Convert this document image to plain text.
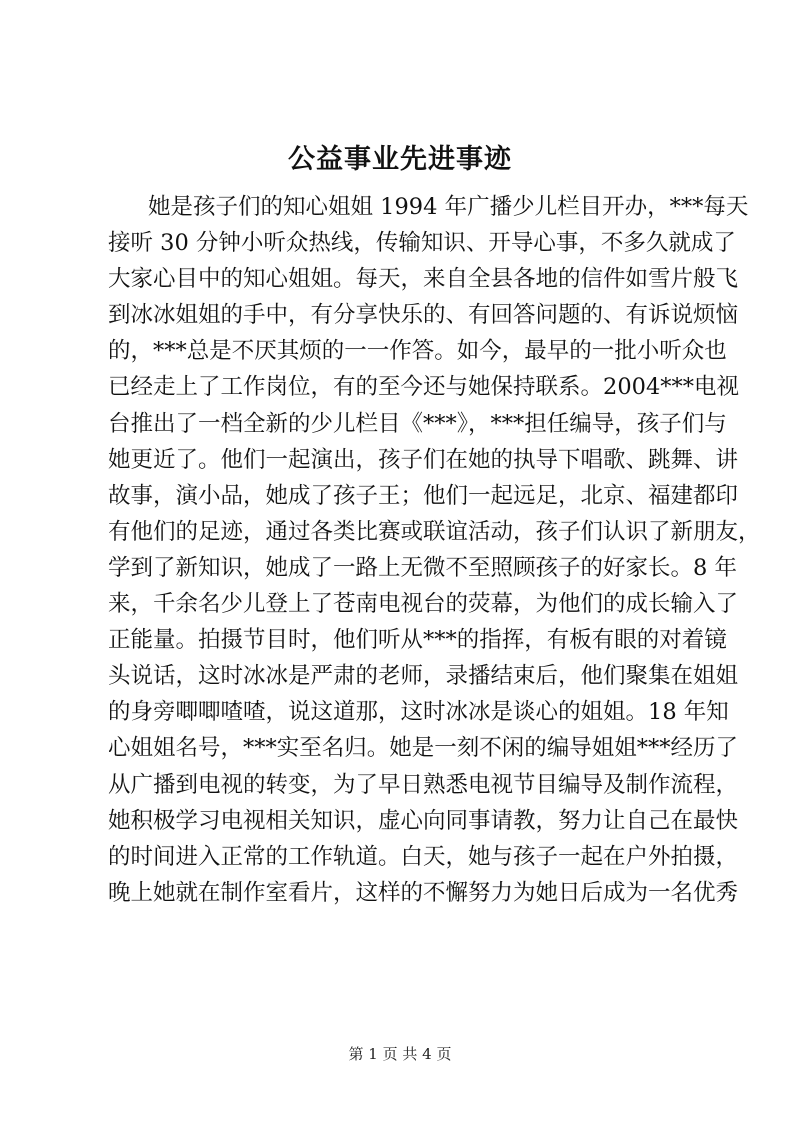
公益事业先进事迹
她是孩子们的知心姐姐 1994 年广播少儿栏目开办，***每天
接听 30 分钟小听众热线，传输知识、开导心事，不多久就成了
大家心目中的知心姐姐。每天，来自全县各地的信件如雪片般飞
到冰冰姐姐的手中，有分享快乐的、有回答问题的、有诉说烦恼
的，***总是不厌其烦的一一作答。如今，最早的一批小听众也
已经走上了工作岗位，有的至今还与她保持联系。2004***电视
台推出了一档全新的少儿栏目《***》，***担任编导，孩子们与
她更近了。他们一起演出，孩子们在她的执导下唱歌、跳舞、讲
故事，演小品，她成了孩子王；他们一起远足，北京、福建都印
有他们的足迹，通过各类比赛或联谊活动，孩子们认识了新朋友，
学到了新知识，她成了一路上无微不至照顾孩子的好家长。8 年
来，千余名少儿登上了苍南电视台的荧幕，为他们的成长输入了
正能量。拍摄节目时，他们听从***的指挥，有板有眼的对着镜
头说话，这时冰冰是严肃的老师，录播结束后，他们聚集在姐姐
的身旁唧唧喳喳，说这道那，这时冰冰是谈心的姐姐。18 年知
心姐姐名号，***实至名归。她是一刻不闲的编导姐姐***经历了
从广播到电视的转变，为了早日熟悉电视节目编导及制作流程，
她积极学习电视相关知识，虚心向同事请教，努力让自己在最快
的时间进入正常的工作轨道。白天，她与孩子一起在户外拍摄，
晚上她就在制作室看片，这样的不懈努力为她日后成为一名优秀
第 1 页 共 4 页
